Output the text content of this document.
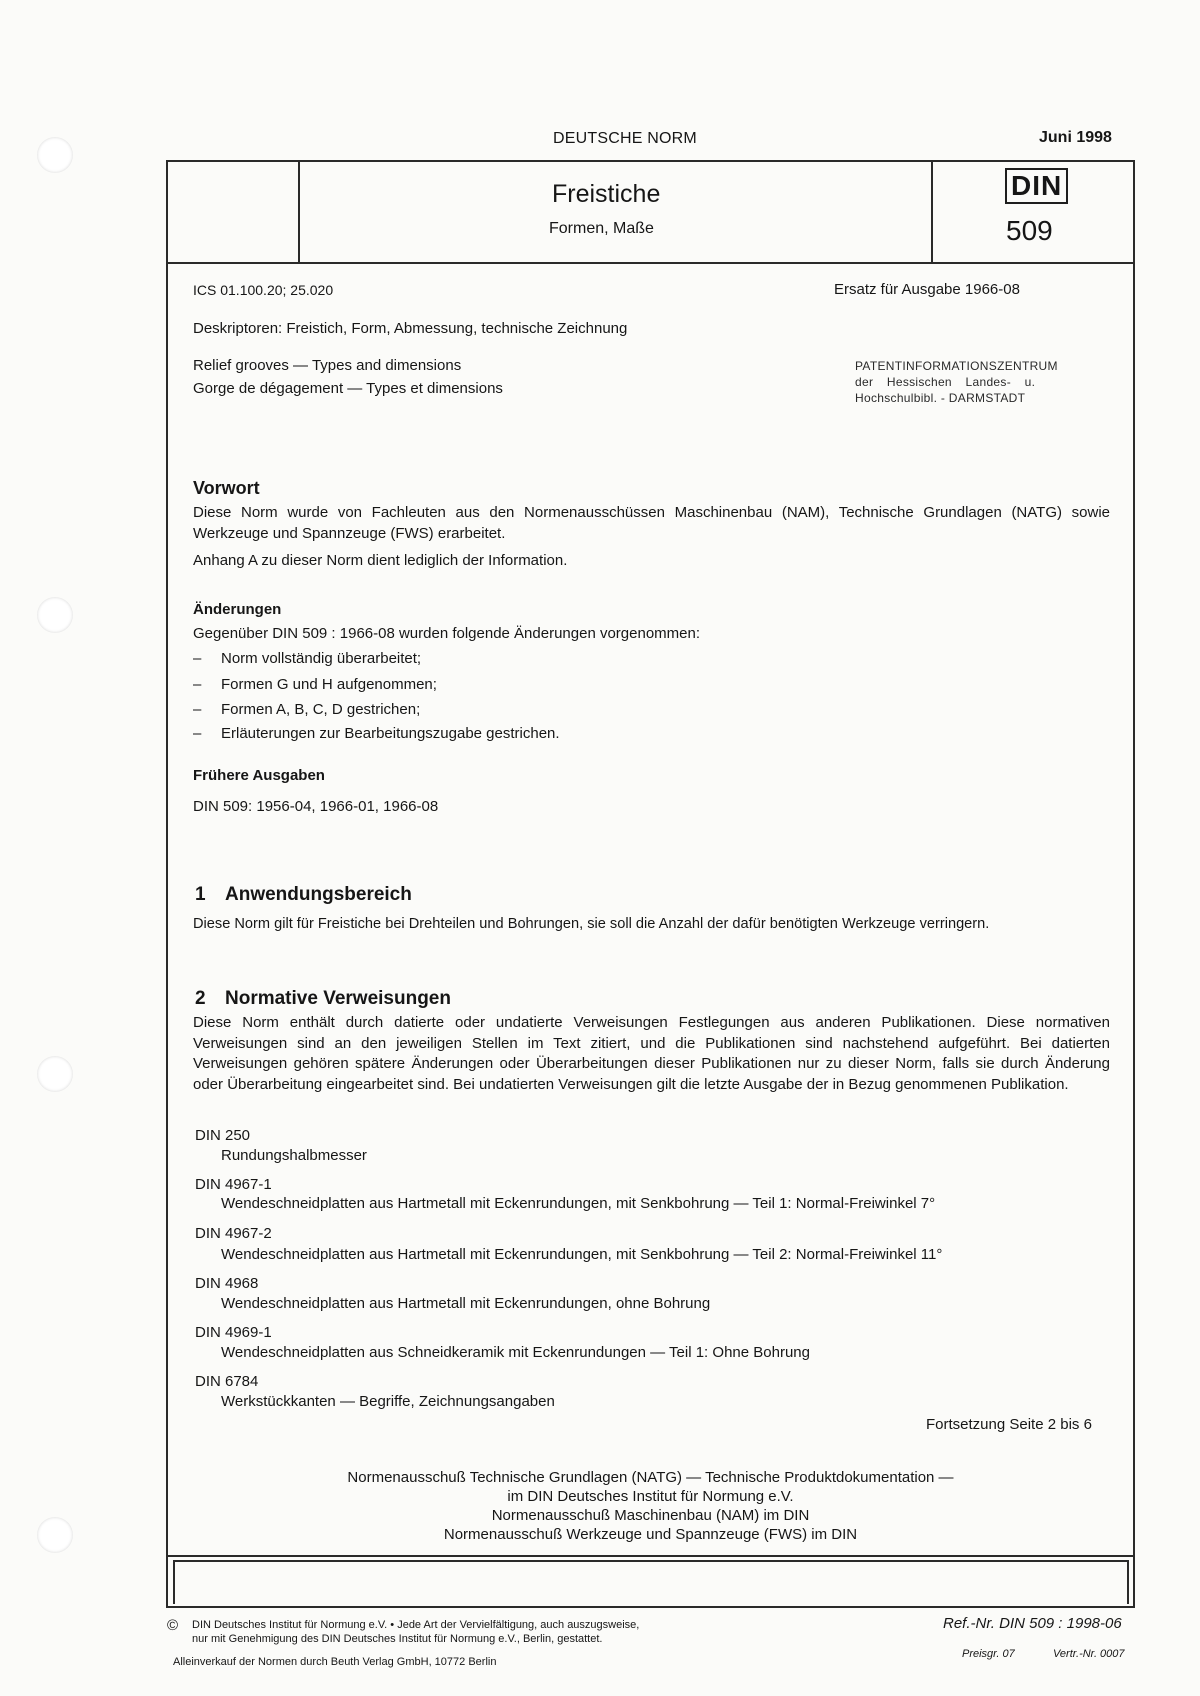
DEUTSCHE NORM	Juni 1998
Freistiche
Formen, Maße
DIN
509
ICS 01.100.20; 25.020	Ersatz für Ausgabe 1966-08
Deskriptoren: Freistich, Form, Abmessung, technische Zeichnung
Relief grooves — Types and dimensions
Gorge de dégagement — Types et dimensions
PATENTINFORMATIONSZENTRUM
der Hessischen Landes- u.
Hochschulbibl. - DARMSTADT
Vorwort
Diese Norm wurde von Fachleuten aus den Normenausschüssen Maschinenbau (NAM), Technische Grundlagen (NATG) sowie Werkzeuge und Spannzeuge (FWS) erarbeitet.
Anhang A zu dieser Norm dient lediglich der Information.
Änderungen
Gegenüber DIN 509 : 1966-08 wurden folgende Änderungen vorgenommen:
– Norm vollständig überarbeitet;
– Formen G und H aufgenommen;
– Formen A, B, C, D gestrichen;
– Erläuterungen zur Bearbeitungszugabe gestrichen.
Frühere Ausgaben
DIN 509: 1956-04, 1966-01, 1966-08
1 Anwendungsbereich
Diese Norm gilt für Freistiche bei Drehteilen und Bohrungen, sie soll die Anzahl der dafür benötigten Werkzeuge verringern.
2 Normative Verweisungen
Diese Norm enthält durch datierte oder undatierte Verweisungen Festlegungen aus anderen Publikationen. Diese normativen Verweisungen sind an den jeweiligen Stellen im Text zitiert, und die Publikationen sind nachstehend aufgeführt. Bei datierten Verweisungen gehören spätere Änderungen oder Überarbeitungen dieser Publikationen nur zu dieser Norm, falls sie durch Änderung oder Überarbeitung eingearbeitet sind. Bei undatierten Verweisungen gilt die letzte Ausgabe der in Bezug genommenen Publikation.
DIN 250
Rundungshalbmesser
DIN 4967-1
Wendeschneidplatten aus Hartmetall mit Eckenrundungen, mit Senkbohrung — Teil 1: Normal-Freiwinkel 7°
DIN 4967-2
Wendeschneidplatten aus Hartmetall mit Eckenrundungen, mit Senkbohrung — Teil 2: Normal-Freiwinkel 11°
DIN 4968
Wendeschneidplatten aus Hartmetall mit Eckenrundungen, ohne Bohrung
DIN 4969-1
Wendeschneidplatten aus Schneidkeramik mit Eckenrundungen — Teil 1: Ohne Bohrung
DIN 6784
Werkstückkanten — Begriffe, Zeichnungsangaben
Fortsetzung Seite 2 bis 6
Normenausschuß Technische Grundlagen (NATG) — Technische Produktdokumentation —
im DIN Deutsches Institut für Normung e.V.
Normenausschuß Maschinenbau (NAM) im DIN
Normenausschuß Werkzeuge und Spannzeuge (FWS) im DIN
© DIN Deutsches Institut für Normung e.V. • Jede Art der Vervielfältigung, auch auszugsweise,
nur mit Genehmigung des DIN Deutsches Institut für Normung e.V., Berlin, gestattet.
Alleinverkauf der Normen durch Beuth Verlag GmbH, 10772 Berlin
Ref.-Nr. DIN 509 : 1998-06
Preisgr. 07	Vertr.-Nr. 0007
